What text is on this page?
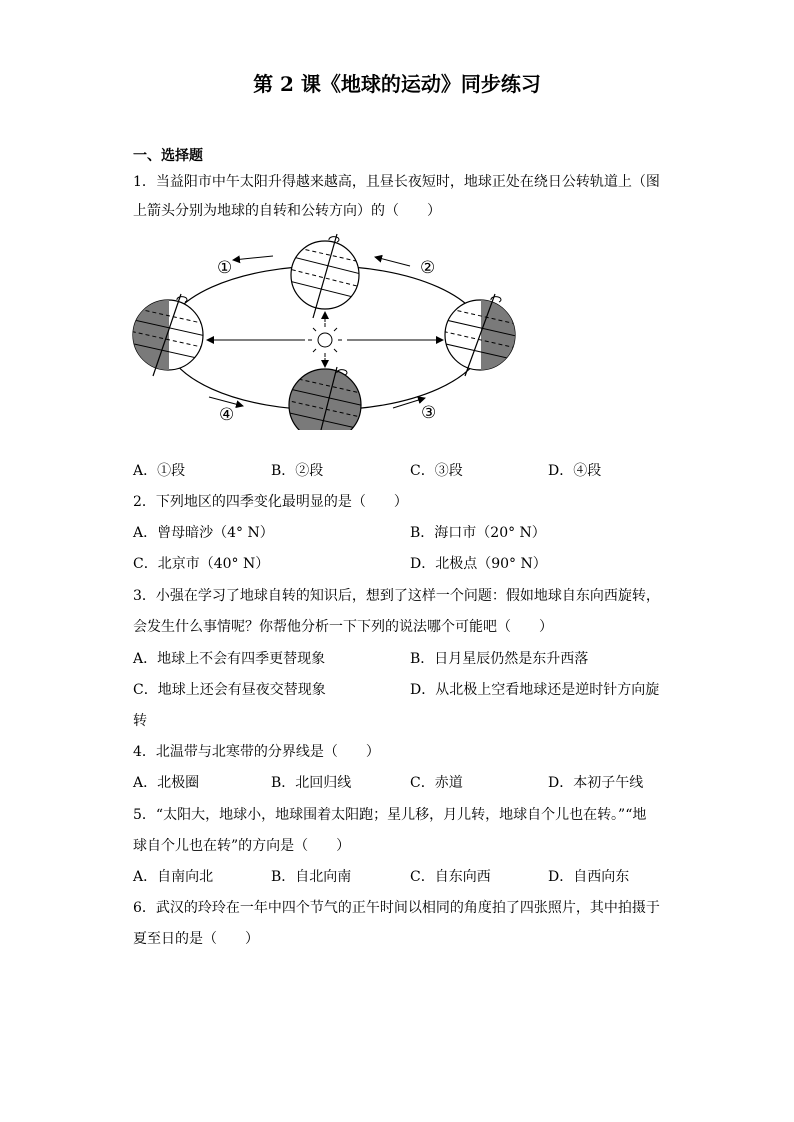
第 2 课《地球的运动》同步练习
一、选择题
1．当益阳市中午太阳升得越来越高，且昼长夜短时，地球正处在绕日公转轨道上（图
上箭头分别为地球的自转和公转方向）的（　　）
①	②
③
④
A．①段	B．②段	C．③段	D．④段
2．下列地区的四季变化最明显的是（　　）
A．曾母暗沙（4° N）	B．海口市（20° N）
C．北京市（40° N）	D．北极点（90° N）
3．小强在学习了地球自转的知识后，想到了这样一个问题：假如地球自东向西旋转，
会发生什么事情呢？你帮他分析一下下列的说法哪个可能吧（　　）
A．地球上不会有四季更替现象	B．日月星辰仍然是东升西落
C．地球上还会有昼夜交替现象	D．从北极上空看地球还是逆时针方向旋
转
4．北温带与北寒带的分界线是（　　）
A．北极圈	B．北回归线	C．赤道	D．本初子午线
5．“太阳大，地球小，地球围着太阳跑；星儿移，月儿转，地球自个儿也在转。”“地
球自个儿也在转”的方向是（　　）
A．自南向北	B．自北向南	C．自东向西	D．自西向东
6．武汉的玲玲在一年中四个节气的正午时间以相同的角度拍了四张照片，其中拍摄于
夏至日的是（　　）
